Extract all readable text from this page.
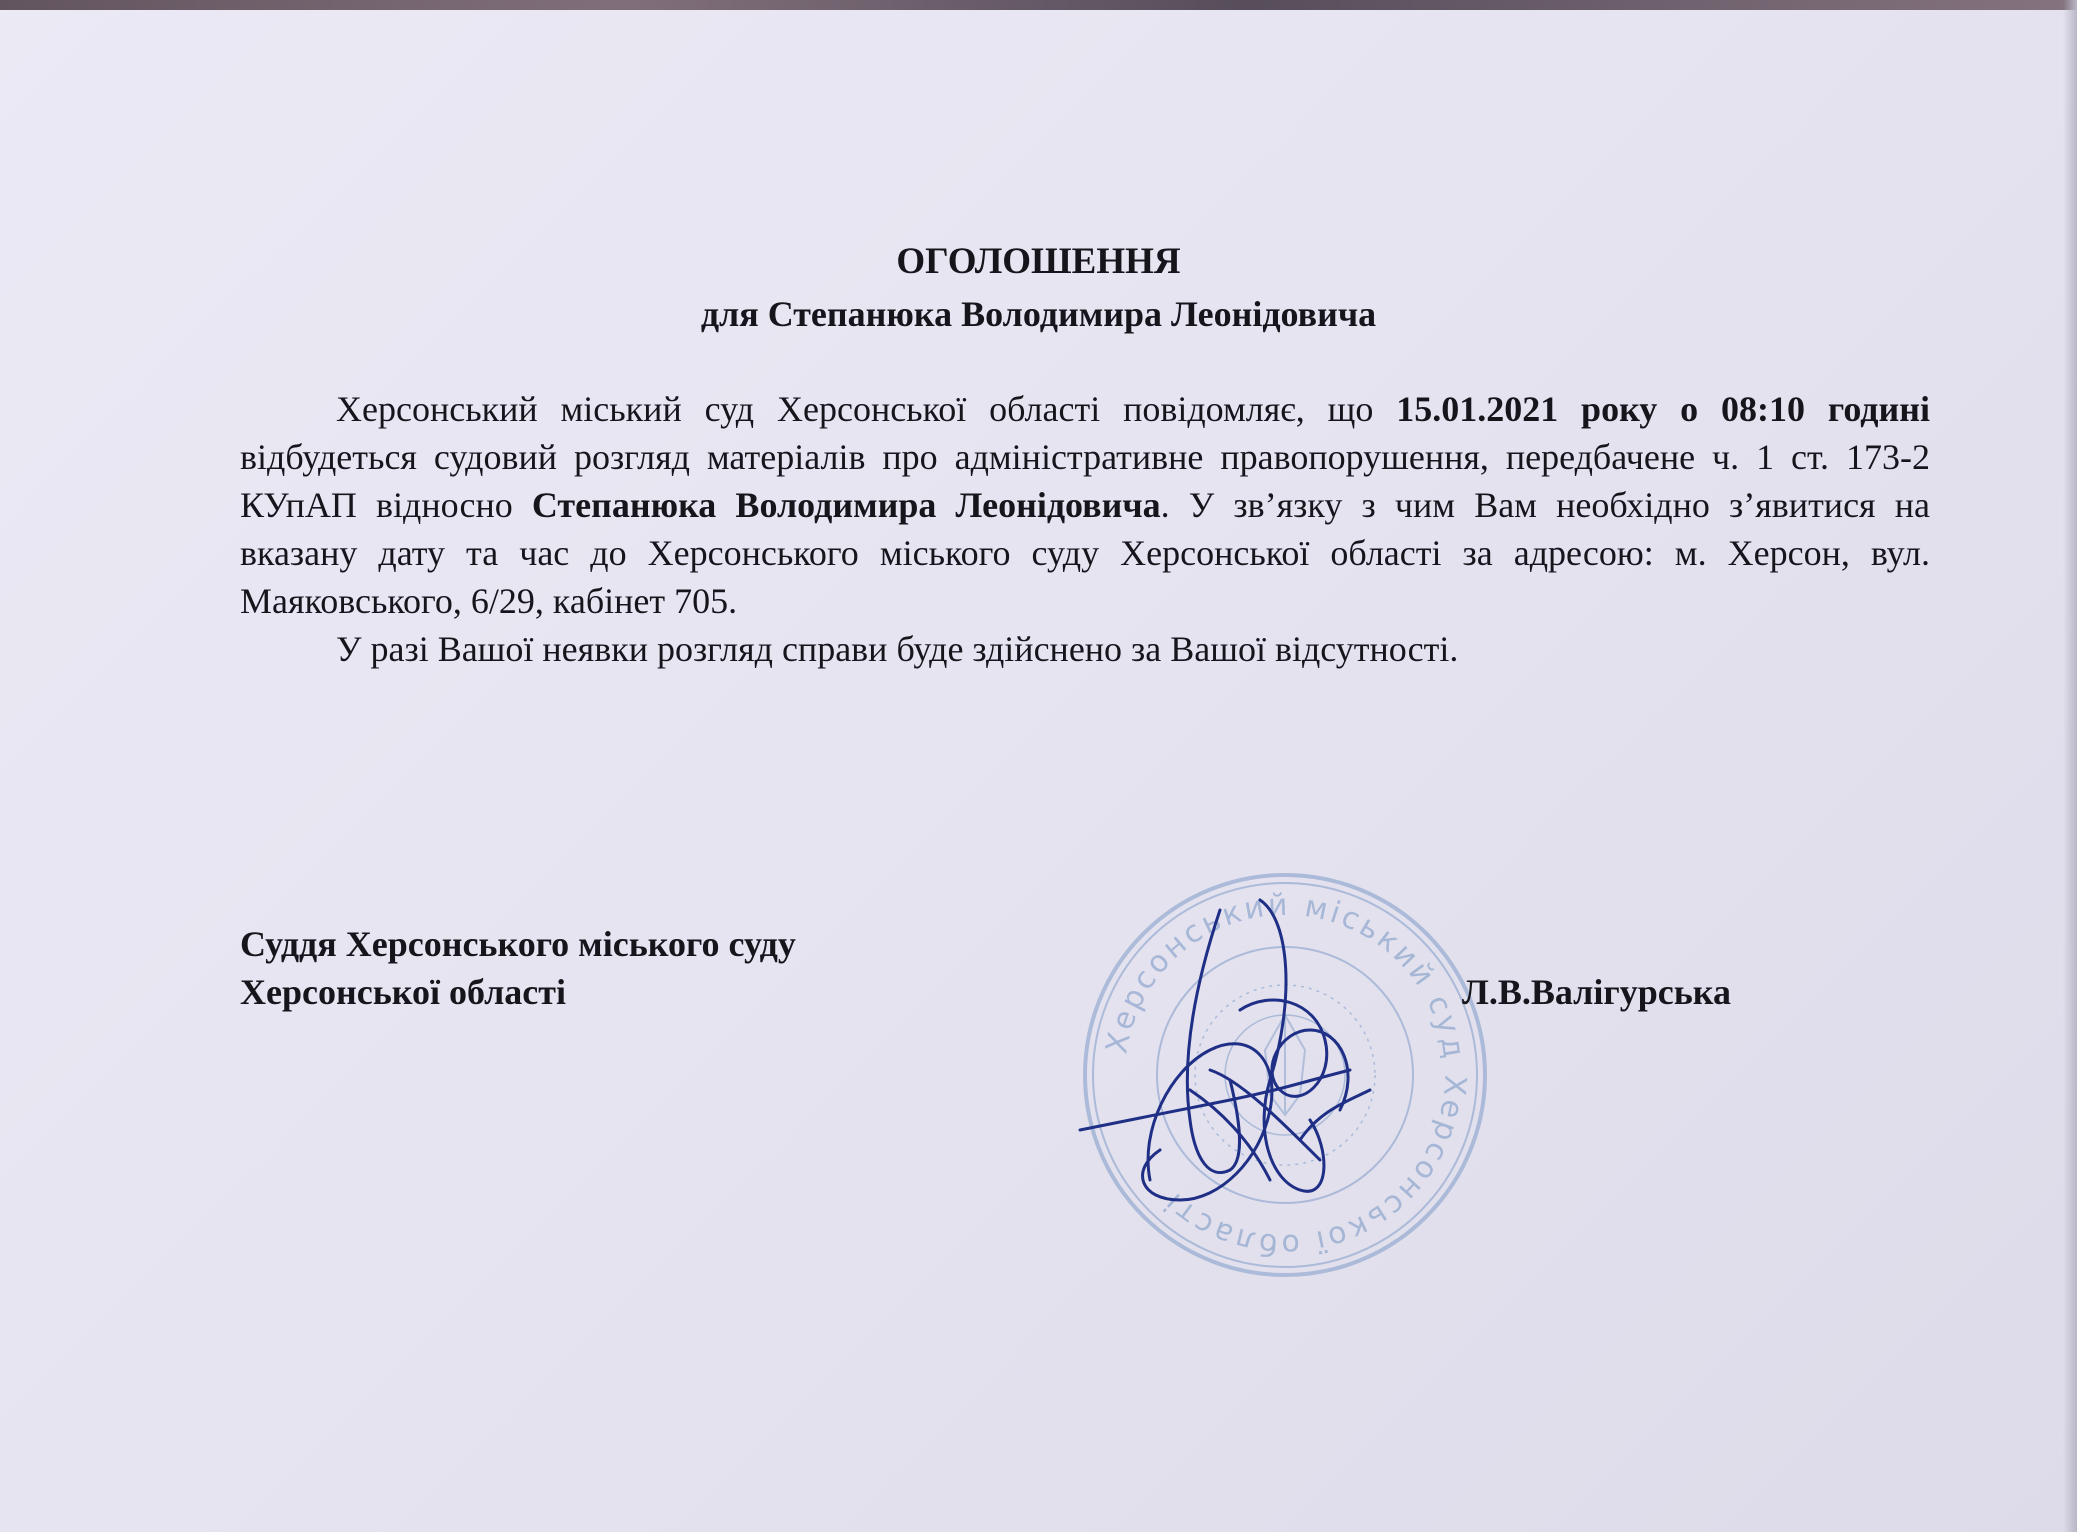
ОГОЛОШЕННЯ
для Степанюка Володимира Леонідовича

Херсонський міський суд Херсонської області повідомляє, що 15.01.2021 року о 08:10 годині відбудеться судовий розгляд матеріалів про адміністративне правопорушення, передбачене ч. 1 ст. 173-2 КУпАП відносно Степанюка Володимира Леонідовича. У зв’язку з чим Вам необхідно з’явитися на вказану дату та час до Херсонського міського суду Херсонської області за адресою: м. Херсон, вул. Маяковського, 6/29, кабінет 705.

У разі Вашої неявки розгляд справи буде здійснено за Вашої відсутності.

Суддя Херсонського міського суду
Херсонської області
Херсонський міський суд Херсонської області
Л.В.Валігурська
